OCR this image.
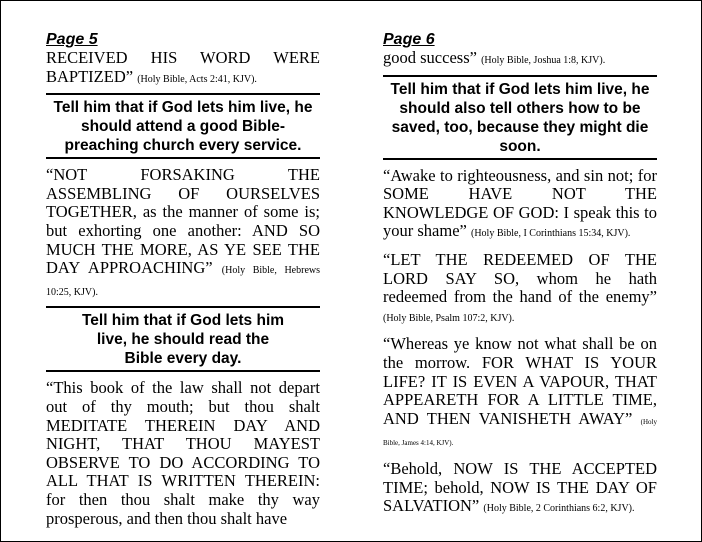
Page 5

RECEIVED HIS WORD WERE BAPTIZED” (Holy Bible, Acts 2:41, KJV).

Tell him that if God lets him live, he should attend a good Bible-preaching church every service.

“NOT FORSAKING THE ASSEMBLING OF OURSELVES TOGETHER, as the manner of some is; but exhorting one another: AND SO MUCH THE MORE, AS YE SEE THE DAY APPROACHING” (Holy Bible, Hebrews 10:25, KJV).

Tell him that if God lets him live, he should read the Bible every day.

“This book of the law shall not depart out of thy mouth; but thou shalt MEDITATE THEREIN DAY AND NIGHT, THAT THOU MAYEST OBSERVE TO DO ACCORDING TO ALL THAT IS WRITTEN THEREIN: for then thou shalt make thy way prosperous, and then thou shalt have

Page 6

good success” (Holy Bible, Joshua 1:8, KJV).

Tell him that if God lets him live, he should also tell others how to be saved, too, because they might die soon.

“Awake to righteousness, and sin not; for SOME HAVE NOT THE KNOWLEDGE OF GOD: I speak this to your shame” (Holy Bible, I Corinthians 15:34, KJV).

“LET THE REDEEMED OF THE LORD SAY SO, whom he hath redeemed from the hand of the enemy” (Holy Bible, Psalm 107:2, KJV).

“Whereas ye know not what shall be on the morrow. FOR WHAT IS YOUR LIFE? IT IS EVEN A VAPOUR, THAT APPEARETH FOR A LITTLE TIME, AND THEN VANISHETH AWAY” (Holy Bible, James 4:14, KJV).

“Behold, NOW IS THE ACCEPTED TIME; behold, NOW IS THE DAY OF SALVATION” (Holy Bible, 2 Corinthians 6:2, KJV).
